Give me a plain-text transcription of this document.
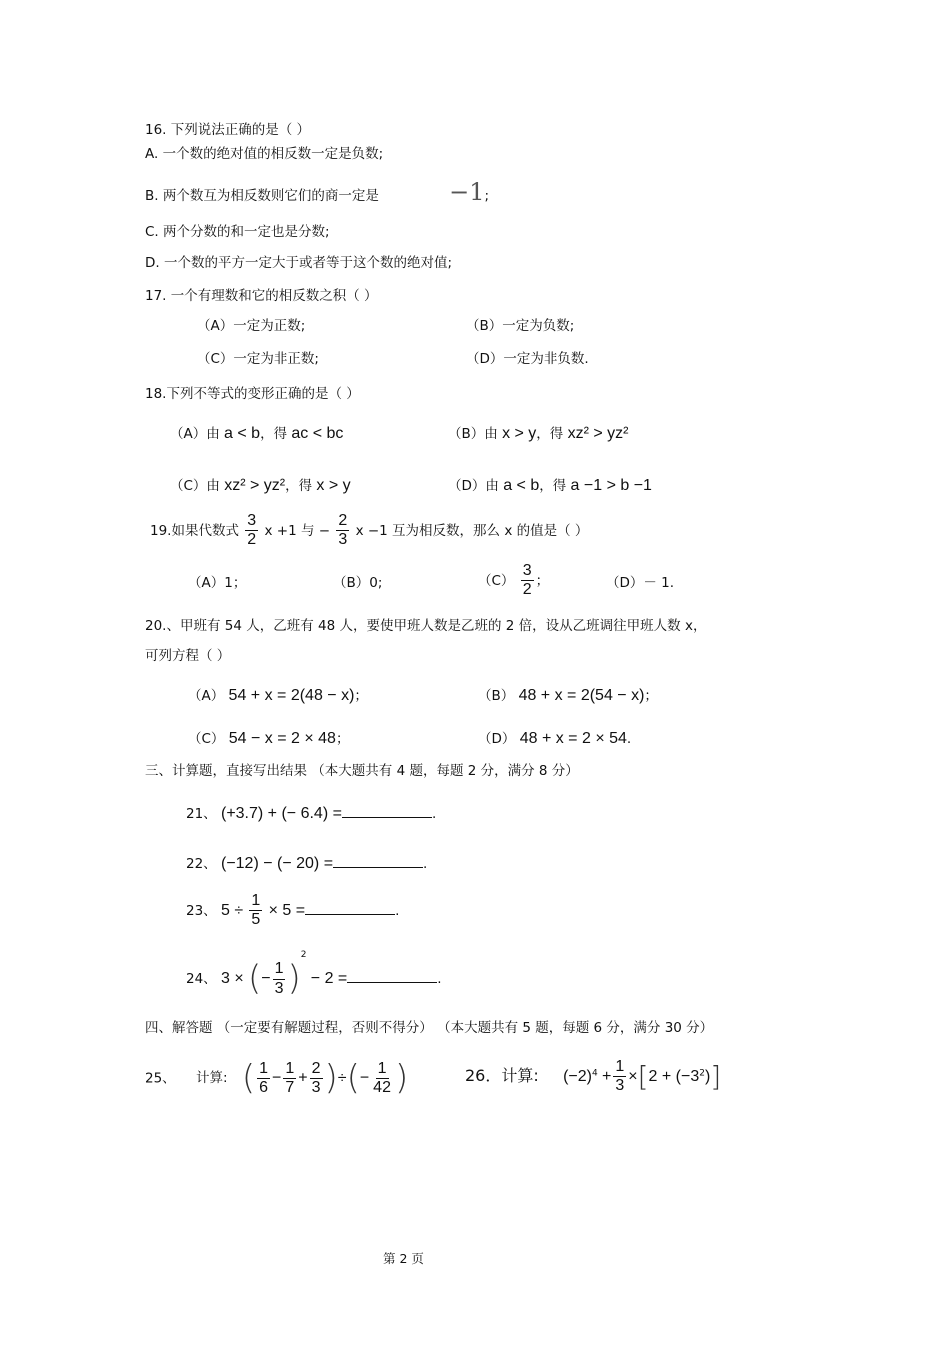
16. 下列说法正确的是（ ）
A. 一个数的绝对值的相反数一定是负数;
B. 两个数互为相反数则它们的商一定是	−1;
C. 两个分数的和一定也是分数;
D. 一个数的平方一定大于或者等于这个数的绝对值;
17. 一个有理数和它的相反数之积（ ）
（A）一定为正数;	（B）一定为负数;
（C）一定为非正数;	（D）一定为非负数.
18.下列不等式的变形正确的是（ ）
（A）由 a < b，得 ac < bc	（B）由 x > y，得 xz² > yz²
（C）由 xz² > yz²，得 x > y	（D）由 a < b，得 a −1 > b −1
19.如果代数式 $\frac{3}{2}$ x +1 与 − $\frac{2}{3}$ x −1 互为相反数，那么 x 的值是（ ）
（A）1；	（B）0;	$(C) \frac{3}{2}$ ；	（D）－ 1.
20.、甲班有 54 人，乙班有 48 人，要使甲班人数是乙班的 2 倍，设从乙班调往甲班人数 x，
可列方程（ ）
（A） 54 + x = 2(48 − x)；	（B） 48 + x = 2(54 − x)；
（C） 54 − x = 2 × 48；	（D） 48 + x = 2 × 54.
三、计算题，直接写出结果 （本大题共有 4 题，每题 2 分，满分 8 分）
21、 (+3.7) + (− 6.4) =	.
22、 (−12) − (− 20) =	.
23、 $5 \div \frac{1}{5} \times 5$ =	.
24、 3 × (− $\frac{1}{3} )^2 - 2$ =	.
四、解答题 （一定要有解题过程，否则不得分） （本大题共有 5 题，每题 6 分，满分 30 分）
25、 计算: ( $\frac{1}{6} - \frac{1}{7} + \frac{2}{3}$ )÷(− $\frac{1}{42}$ )	26．计算: $(-2)^4 + \frac{1}{3} \times[2 + (-3^2)]$
第 2 页
